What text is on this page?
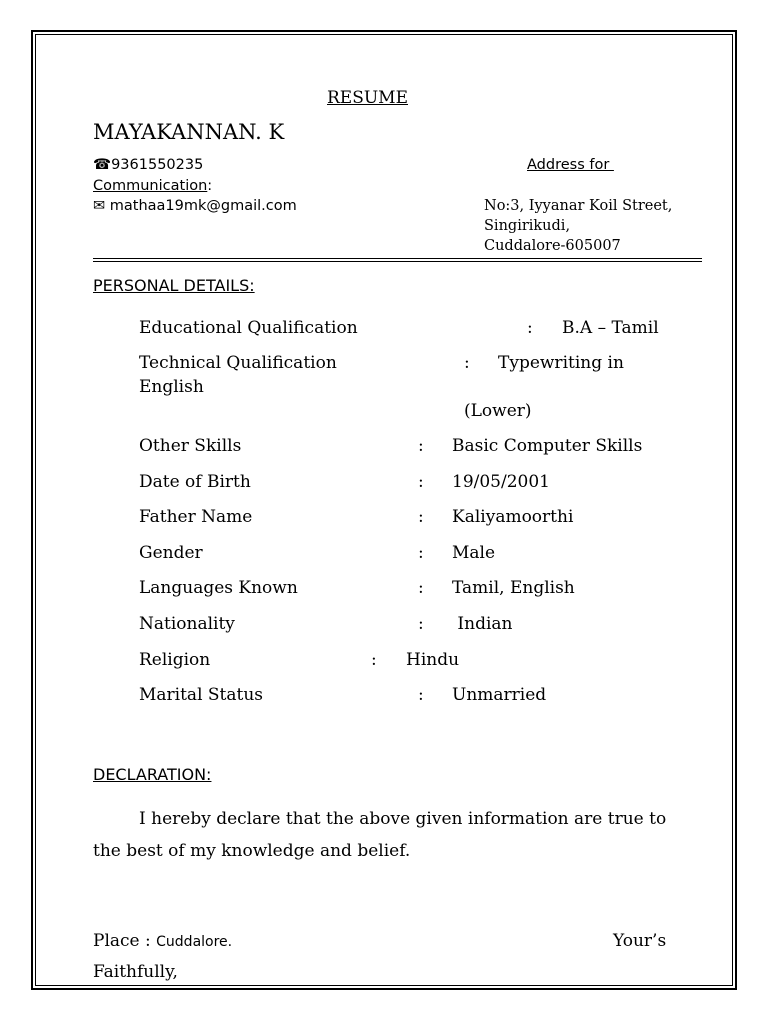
RESUME
MAYAKANNAN. K
☎9361550235	Address for
Communication:
✉ mathaa19mk@gmail.com	No:3, Iyyanar Koil Street,
Singirikudi,
Cuddalore-605007
PERSONAL DETAILS:
Educational Qualification	: B.A – Tamil
Technical Qualification	: Typewriting in
English
(Lower)
Other Skills	: Basic Computer Skills
Date of Birth	: 19/05/2001
Father Name	: Kaliyamoorthi
Gender	: Male
Languages Known	: Tamil, English
Nationality	: Indian
Religion	: Hindu
Marital Status	: Unmarried
DECLARATION:
I hereby declare that the above given information are true to
the best of my knowledge and belief.
Place : Cuddalore.	Your’s
Faithfully,
